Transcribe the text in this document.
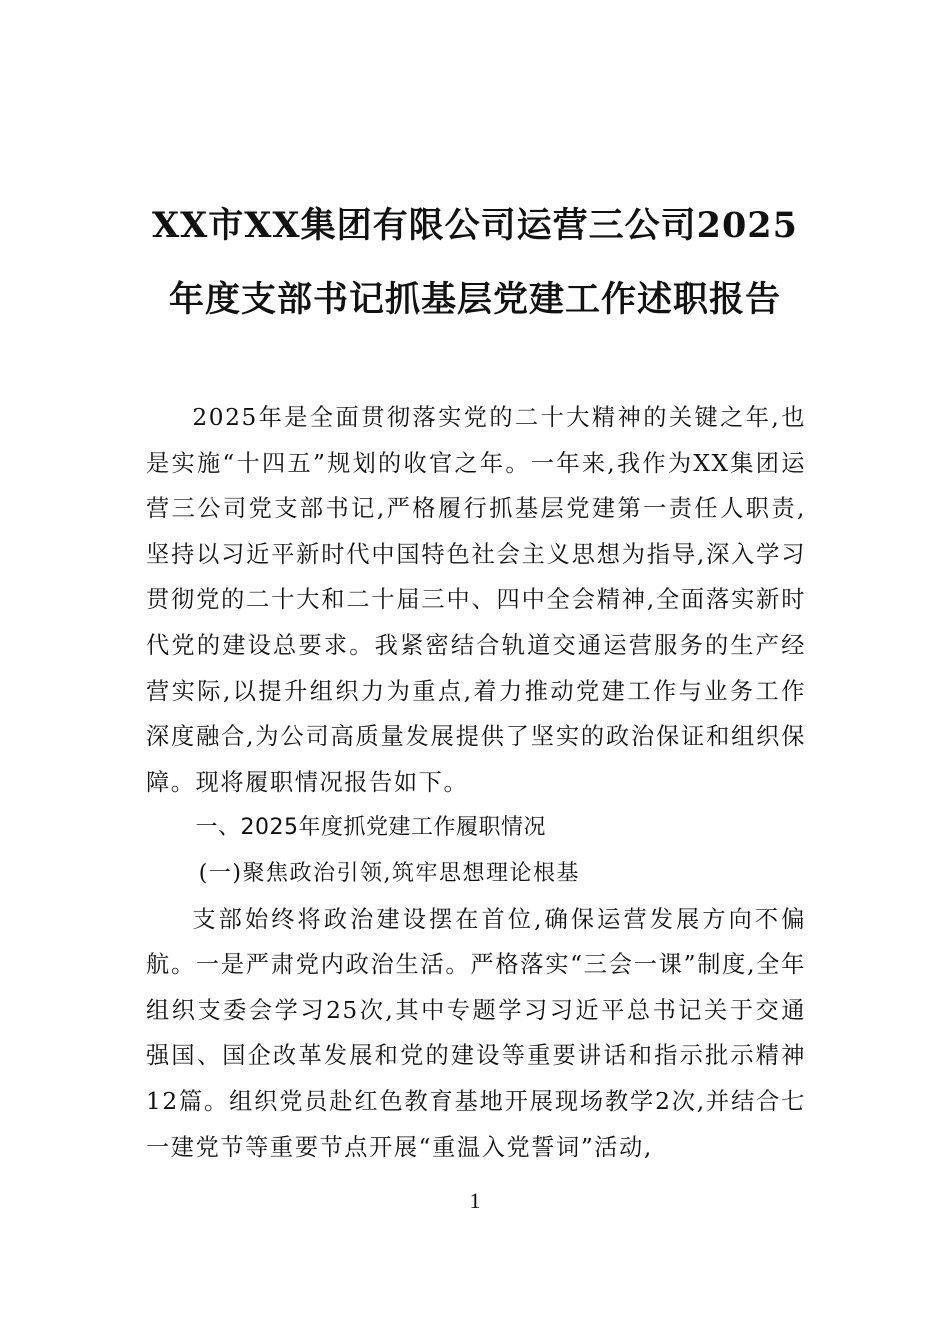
XX市XX集团有限公司运营三公司2025
年度支部书记抓基层党建工作述职报告

2025年是全面贯彻落实党的二十大精神的关键之年,也是实施“十四五”规划的收官之年。一年来,我作为XX集团运营三公司党支部书记,严格履行抓基层党建第一责任人职责,坚持以习近平新时代中国特色社会主义思想为指导,深入学习贯彻党的二十大和二十届三中、四中全会精神,全面落实新时代党的建设总要求。我紧密结合轨道交通运营服务的生产经营实际,以提升组织力为重点,着力推动党建工作与业务工作深度融合,为公司高质量发展提供了坚实的政治保证和组织保障。现将履职情况报告如下。

一、2025年度抓党建工作履职情况

(一)聚焦政治引领,筑牢思想理论根基

支部始终将政治建设摆在首位,确保运营发展方向不偏航。一是严肃党内政治生活。严格落实“三会一课”制度,全年组织支委会学习25次,其中专题学习习近平总书记关于交通强国、国企改革发展和党的建设等重要讲话和指示批示精神12篇。组织党员赴红色教育基地开展现场教学2次,并结合七一建党节等重要节点开展“重温入党誓词”活动,

1
